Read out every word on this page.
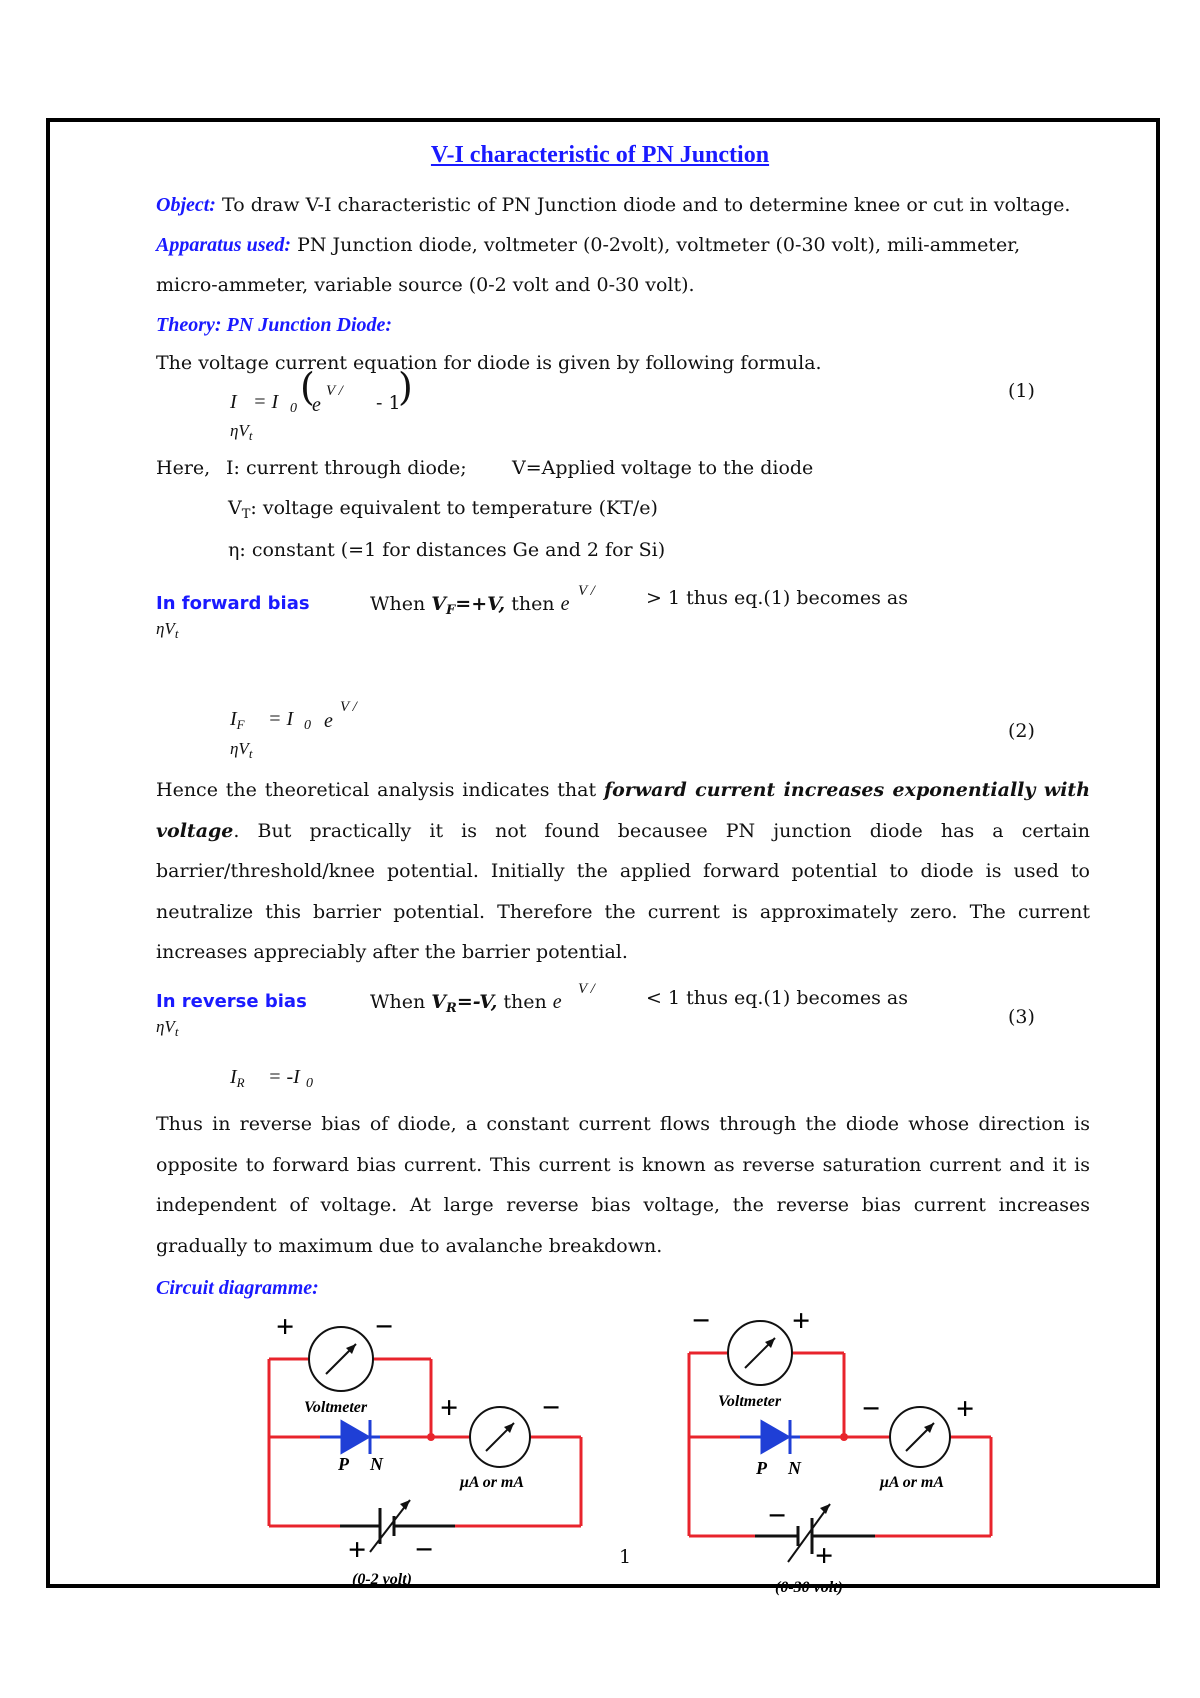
V-I characteristic of PN Junction
Object: To draw V-I characteristic of PN Junction diode and to determine knee or cut in voltage.
Apparatus used: PN Junction diode, voltmeter (0-2volt), voltmeter (0-30 volt), mili-ammeter,
micro-ammeter, variable source (0-2 volt and 0-30 volt).
Theory: PN Junction Diode:
The voltage current equation for diode is given by following formula.
I = I 0 (
e
V /
- 1
)
$\eta V_t$
(1)
Here, I: current through diode; V=Applied voltage to the diode
$V_T$: voltage equivalent to temperature (KT/e)
η: constant (=1 for distances Ge and 2 for Si)
In forward bias	When $V_F=+V$, then e
V /	> 1 thus eq.(1) becomes as
$\eta V_t$
$I_F = I$ 0 e
V /
$\eta V_t$
(2)
Hence the theoretical analysis indicates that forward current increases exponentially with voltage. But practically it is not found becausee PN junction diode has a certain barrier/threshold/knee potential. Initially the applied forward potential to diode is used to neutralize this barrier potential. Therefore the current is approximately zero. The current increases appreciably after the barrier potential.
In reverse bias	When $V_R=-V$, then e
V /	< 1 thus eq.(1) becomes as
$\eta V_t$
(3)
$I_R = -I$ 0
Thus in reverse bias of diode, a constant current flows through the diode whose direction is opposite to forward bias current. This current is known as reverse saturation current and it is independent of voltage. At large reverse bias voltage, the reverse bias current increases gradually to maximum due to avalanche breakdown.
Circuit diagramme:
+	−
Voltmeter
P N
+	−
μA or mA
+ −
(0-2 volt)
−	+
Voltmeter
P N
− +
μA or mA
−
+
(0-30 volt)
1
